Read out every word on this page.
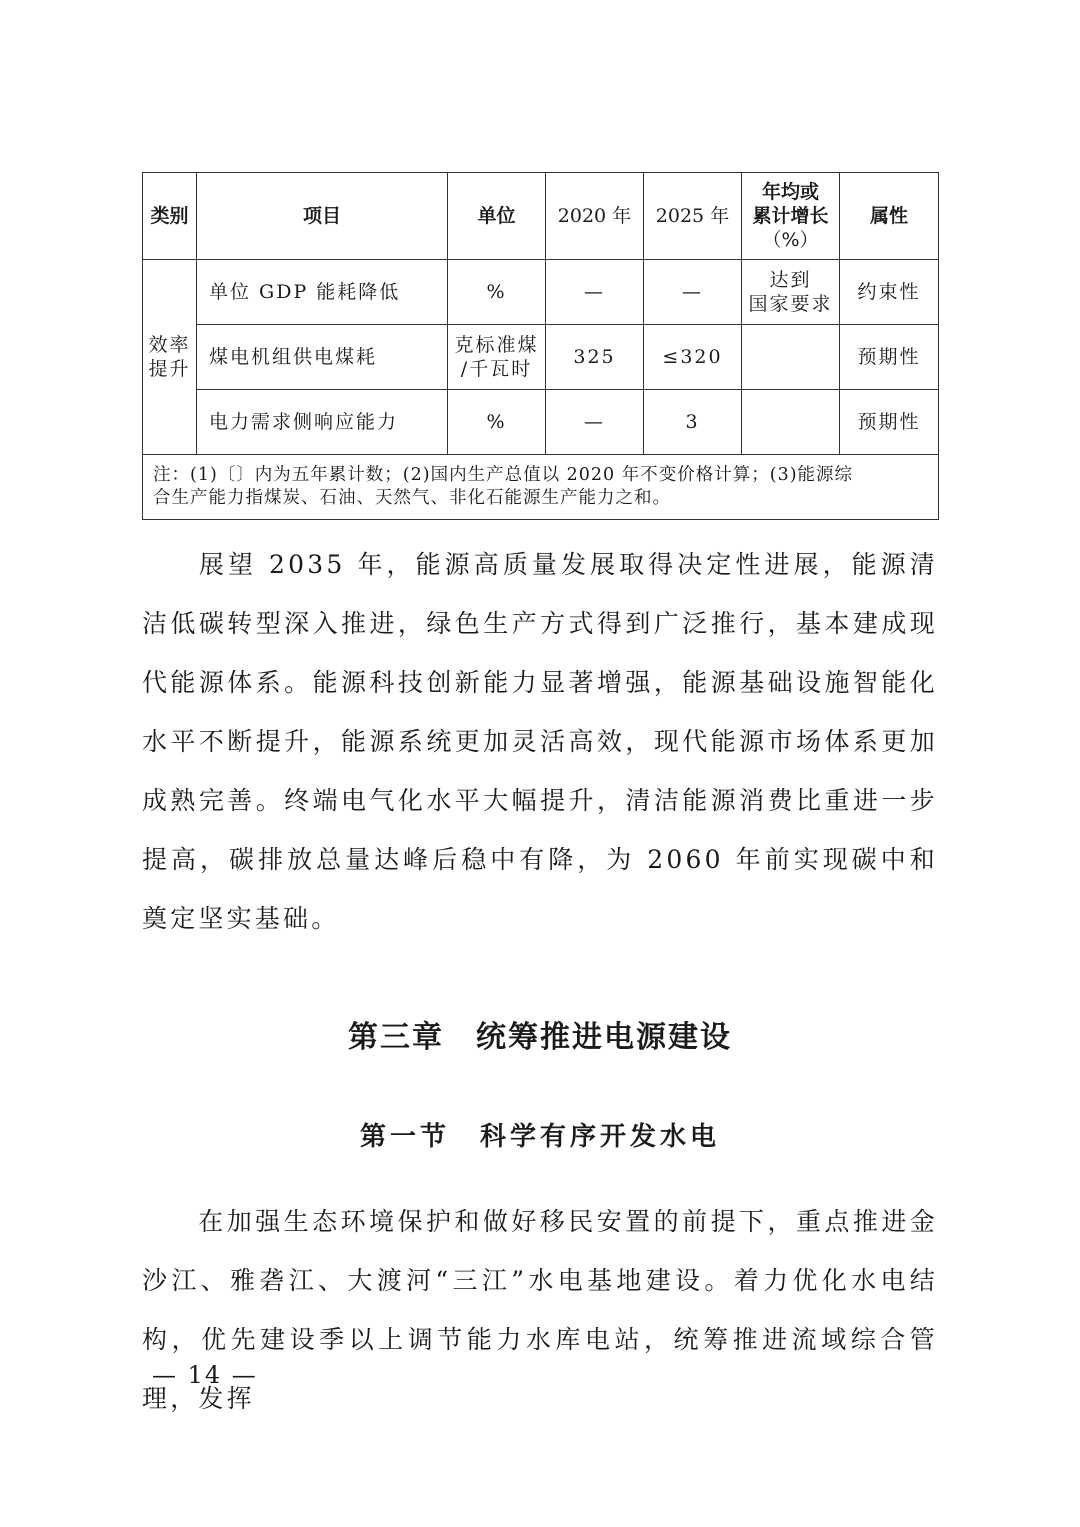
类别	项目	单位	2020 年	2025 年	年均或
累计增长
（%）	属性

效率
提升	单位 GDP 能耗降低	%	—	—	达到
国家要求	约束性
	煤电机组供电煤耗	克标准煤
/千瓦时	325	≤320		预期性
	电力需求侧响应能力	%	—	3		预期性

注：(1)〔〕内为五年累计数；(2)国内生产总值以 2020 年不变价格计算；(3)能源综
合生产能力指煤炭、石油、天然气、非化石能源生产能力之和。						
展望 2035 年，能源高质量发展取得决定性进展，能源清洁低碳转型深入推进，绿色生产方式得到广泛推行，基本建成现代能源体系。能源科技创新能力显著增强，能源基础设施智能化水平不断提升，能源系统更加灵活高效，现代能源市场体系更加成熟完善。终端电气化水平大幅提升，清洁能源消费比重进一步提高，碳排放总量达峰后稳中有降，为 2060 年前实现碳中和奠定坚实基础。
第三章　统筹推进电源建设
第一节　科学有序开发水电
在加强生态环境保护和做好移民安置的前提下，重点推进金沙江、雅砻江、大渡河“三江”水电基地建设。着力优化水电结构，优先建设季以上调节能力水库电站，统筹推进流域综合管理，发挥
— 14 —
